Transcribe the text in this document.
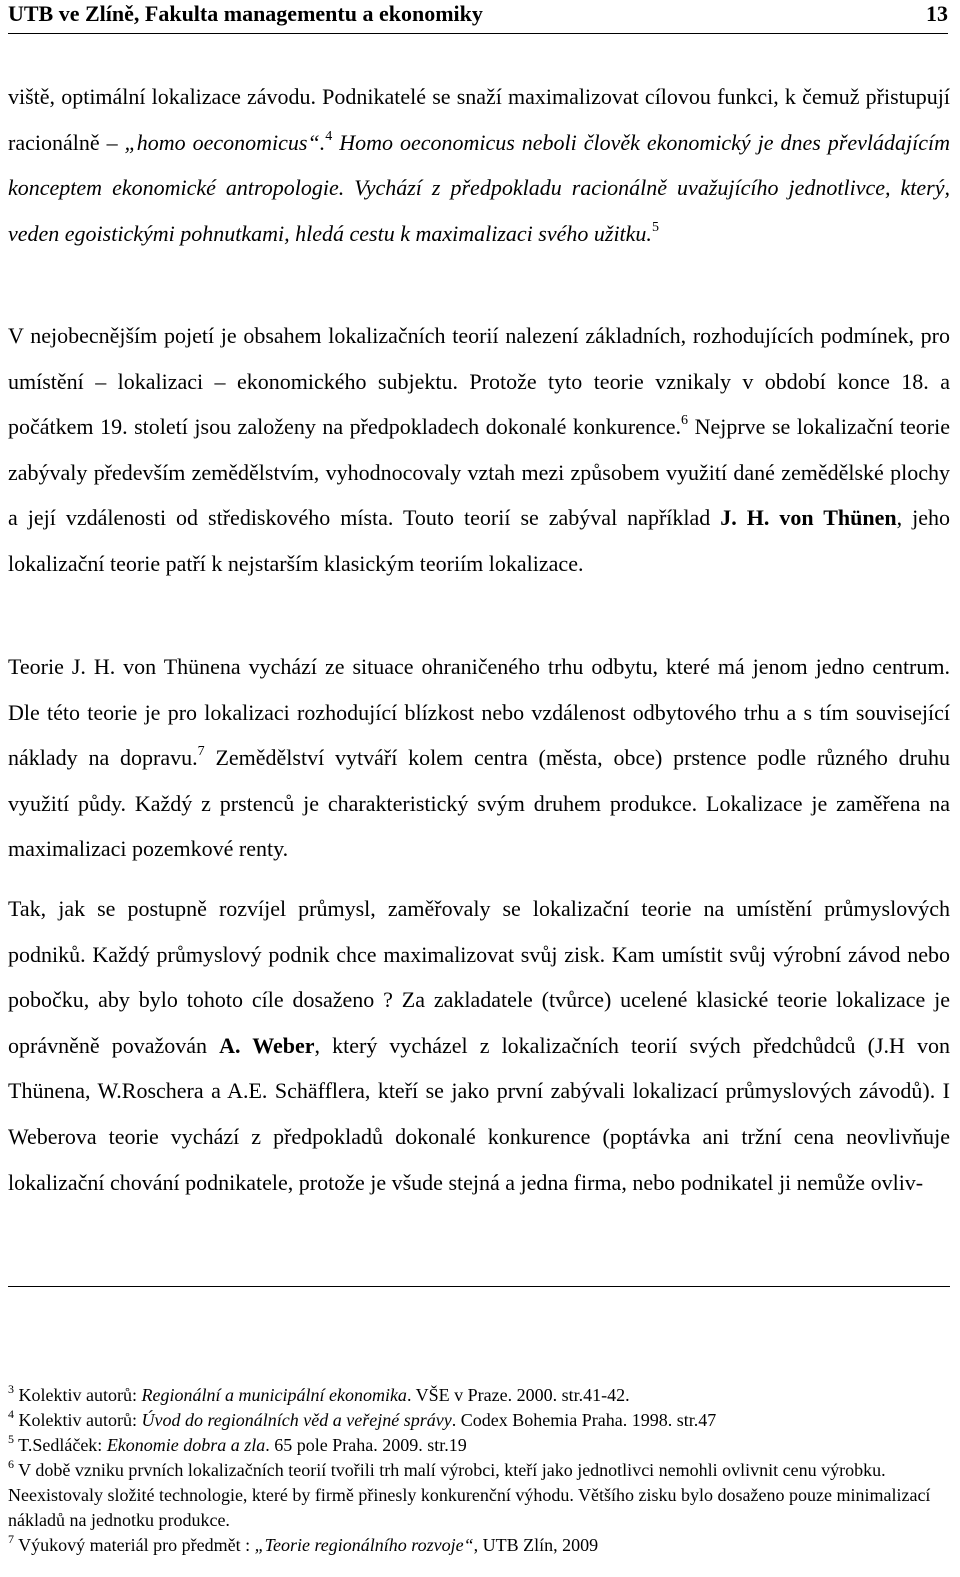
UTB ve Zlíně, Fakulta managementu a ekonomiky	13

viště, optimální lokalizace závodu. Podnikatelé se snaží maximalizovat cílovou funkci, k čemuž přistupují racionálně – „homo oeconomicus“.$^4$ Homo oeconomicus neboli člověk ekonomický je dnes převládajícím konceptem ekonomické antropologie. Vychází z předpokladu racionálně uvažujícího jednotlivce, který, veden egoistickými pohnutkami, hledá cestu k maximalizaci svého užitku.$^5$

V nejobecnějším pojetí je obsahem lokalizačních teorií nalezení základních, rozhodujících podmínek, pro umístění – lokalizaci – ekonomického subjektu. Protože tyto teorie vznikaly v období konce 18. a počátkem 19. století jsou založeny na předpokladech dokonalé konkurence.$^6$ Nejprve se lokalizační teorie zabývaly především zemědělstvím, vyhodnocovaly vztah mezi způsobem využití dané zemědělské plochy a její vzdálenosti od střediskového místa. Touto teorií se zabýval například J. H. von Thünen, jeho lokalizační teorie patří k nejstarším klasickým teoriím lokalizace.

Teorie J. H. von Thünena vychází ze situace ohraničeného trhu odbytu, které má jenom jedno centrum. Dle této teorie je pro lokalizaci rozhodující blízkost nebo vzdálenost odbytového trhu a s tím související náklady na dopravu.$^7$ Zemědělství vytváří kolem centra (města, obce) prstence podle různého druhu využití půdy. Každý z prstenců je charakteristický svým druhem produkce. Lokalizace je zaměřena na maximalizaci pozemkové renty.

Tak, jak se postupně rozvíjel průmysl, zaměřovaly se lokalizační teorie na umístění průmyslových podniků. Každý průmyslový podnik chce maximalizovat svůj zisk. Kam umístit svůj výrobní závod nebo pobočku, aby bylo tohoto cíle dosaženo ? Za zakladatele (tvůrce) ucelené klasické teorie lokalizace je oprávněně považován A. Weber, který vycházel z lokalizačních teorií svých předchůdců (J.H von Thünena, W.Roschera a A.E. Schäfflera, kteří se jako první zabývali lokalizací průmyslových závodů). I Weberova teorie vychází z předpokladů dokonalé konkurence (poptávka ani tržní cena neovlivňuje lokalizační chování podnikatele, protože je všude stejná a jedna firma, nebo podnikatel ji nemůže ovliv-

$^3$ Kolektiv autorů: Regionální a municipální ekonomika. VŠE v Praze. 2000. str.41-42.

$^4$ Kolektiv autorů: Úvod do regionálních věd a veřejné správy. Codex Bohemia Praha. 1998. str.47

$^5$ T.Sedláček: Ekonomie dobra a zla. 65 pole Praha. 2009. str.19

$^6$ V době vzniku prvních lokalizačních teorií tvořili trh malí výrobci, kteří jako jednotlivci nemohli ovlivnit cenu výrobku. Neexistovaly složité technologie, které by firmě přinesly konkurenční výhodu. Většího zisku bylo dosaženo pouze minimalizací nákladů na jednotku produkce.

$^7$ Výukový materiál pro předmět : „Teorie regionálního rozvoje“, UTB Zlín, 2009
